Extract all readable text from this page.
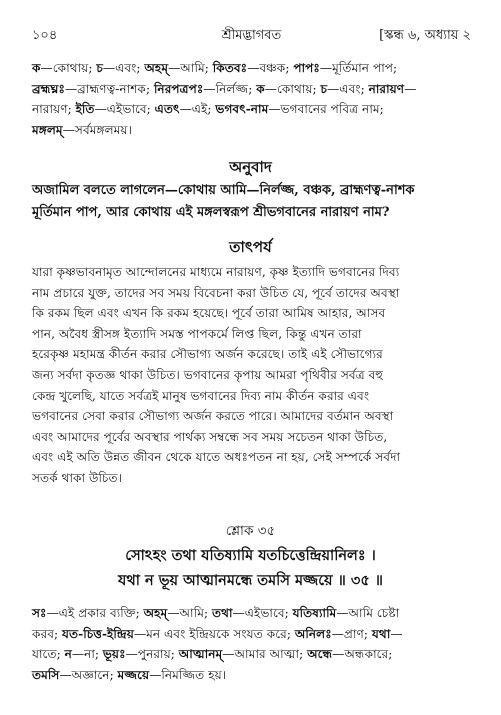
১০৪	শ্রীমদ্ভাগবত	[স্কন্ধ ৬, অধ্যায় ২
ক—কোথায়; চ—এবং; অহম্—আমি; কিতবঃ—বঞ্চক; পাপঃ—মূর্তিমান পাপ;
ব্রহ্মঘ্নঃ—ব্রাহ্মণত্ব-নাশক; নিরপত্রপঃ—নির্লজ্জ; ক—কোথায়; চ—এবং; নারায়ণ—
নারায়ণ; ইতি—এইভাবে; এতৎ—এই; ভগবৎ-নাম—ভগবানের পবিত্র নাম;
মঙ্গলম্—সর্বমঙ্গলময়।
অনুবাদ
অজামিল বলতে লাগলেন—কোথায় আমি—নির্লজ্জ, বঞ্চক, ব্রাহ্মণত্ব-নাশক
মূর্তিমান পাপ, আর কোথায় এই মঙ্গলস্বরূপ শ্রীভগবানের নারায়ণ নাম?
তাৎপর্য
যারা কৃষ্ণভাবনামৃত আন্দোলনের মাধ্যমে নারায়ণ, কৃষ্ণ ইত্যাদি ভগবানের দিব্য
নাম প্রচারে যুক্ত, তাদের সব সময় বিবেচনা করা উচিত যে, পূর্বে তাদের অবস্থা
কি রকম ছিল এবং এখন কি রকম হয়েছে। পূর্বে তারা আমিষ আহার, আসব
পান, অবৈধ স্ত্রীসঙ্গ ইত্যাদি সমস্ত পাপকর্মে লিপ্ত ছিল, কিন্তু এখন তারা
হরেকৃষ্ণ মহামন্ত্র কীর্তন করার সৌভাগ্য অর্জন করেছে। তাই এই সৌভাগ্যের
জন্য সর্বদা কৃতজ্ঞ থাকা উচিত। ভগবানের কৃপায় আমরা পৃথিবীর সর্বত্র বহু
কেন্দ্র খুলেছি, যাতে সর্বত্রই মানুষ ভগবানের দিব্য নাম কীর্তন করার এবং
ভগবানের সেবা করার সৌভাগ্য অর্জন করতে পারে। আমাদের বর্তমান অবস্থা
এবং আমাদের পূর্বের অবস্থার পার্থক্য সম্বন্ধে সব সময় সচেতন থাকা উচিত,
এবং এই অতি উন্নত জীবন থেকে যাতে অধঃপতন না হয়, সেই সম্পর্কে সর্বদা
সতর্ক থাকা উচিত।
শ্লোক ৩৫
সোঽহং তথা যতিষ্যামি যতচিত্তেন্দ্রিয়ানিলঃ ।
যথা ন ভূয় আত্মানমন্ধে তমসি মজ্জয়ে ॥ ৩৫ ॥
সঃ—এই প্রকার ব্যক্তি; অহম্—আমি; তথা—এইভাবে; যতিষ্যামি—আমি চেষ্টা
করব; যত-চিত্ত-ইন্দ্রিয়—মন এবং ইন্দ্রিয়কে সংযত করে; অনিলঃ—প্রাণ; যথা—
যাতে; ন—না; ভূয়ঃ—পুনরায়; আত্মানম্—আমার আত্মা; অন্ধে—অন্ধকারে;
তমসি—অজ্ঞানে; মজ্জয়ে—নিমজ্জিত হয়।
